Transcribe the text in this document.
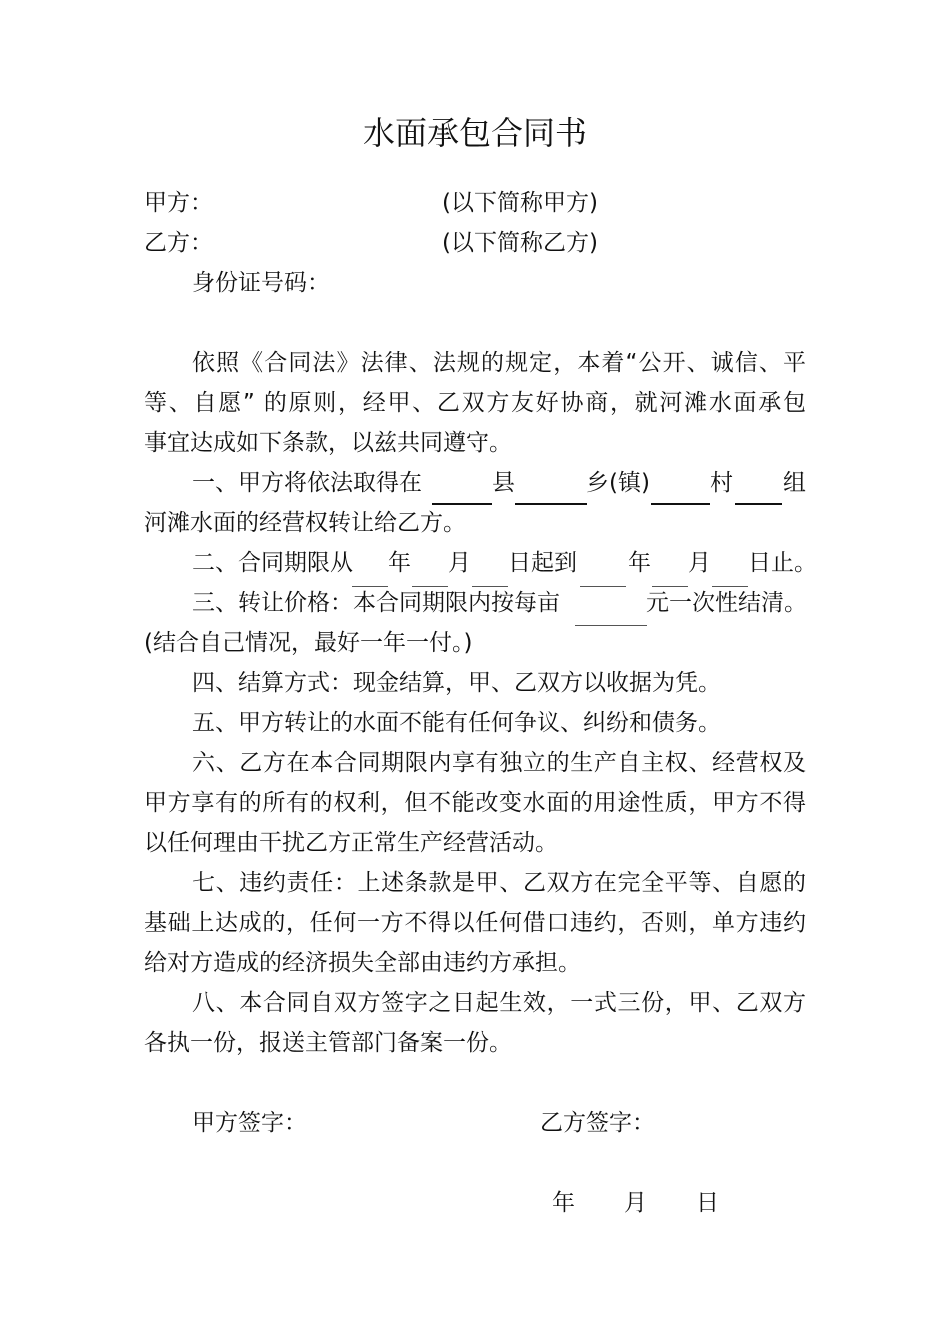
水面承包合同书

甲方：	(以下简称甲方)

乙方：	(以下简称乙方)

身份证号码：

依照《合同法》法律、法规的规定，本着“公开、诚信、平

等、自愿” 的原则，经甲、乙双方友好协商，就河滩水面承包

事宜达成如下条款，以兹共同遵守。

一、甲方将依法取得在	县	乡(镇)	村 组

河滩水面的经营权转让给乙方。

二、合同期限从 年 月 日起到 年 月 日止。

三、转让价格：本合同期限内按每亩	元一次性结清。

(结合自己情况，最好一年一付。)

四、结算方式：现金结算，甲、乙双方以收据为凭。

五、甲方转让的水面不能有任何争议、纠纷和债务。

六、乙方在本合同期限内享有独立的生产自主权、经营权及

甲方享有的所有的权利，但不能改变水面的用途性质，甲方不得

以任何理由干扰乙方正常生产经营活动。

七、违约责任：上述条款是甲、乙双方在完全平等、自愿的

基础上达成的，任何一方不得以任何借口违约，否则，单方违约

给对方造成的经济损失全部由违约方承担。

八、本合同自双方签字之日起生效，一式三份，甲、乙双方

各执一份，报送主管部门备案一份。

甲方签字：	乙方签字：

年 月 日
